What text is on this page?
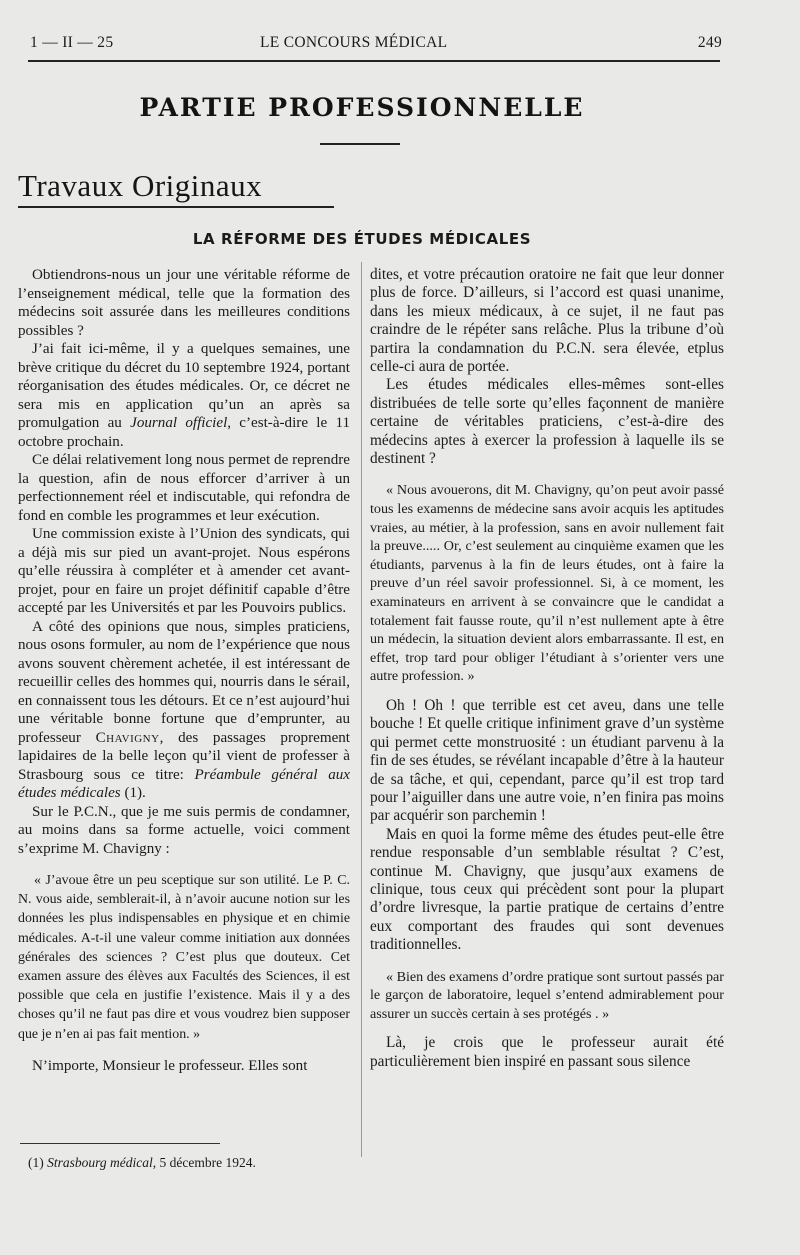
1 — II — 25	LE CONCOURS MÉDICAL	249
PARTIE PROFESSIONNELLE
Travaux Originaux
LA RÉFORME DES ÉTUDES MÉDICALES

Obtiendrons-nous un jour une véritable réforme de l’enseignement médical, telle que la formation des médecins soit assurée dans les meilleures conditions possibles ?

J’ai fait ici-même, il y a quelques semaines, une brève critique du décret du 10 septembre 1924, portant réorganisation des études médicales. Or, ce décret ne sera mis en application qu’un an après sa promulgation au Journal officiel, c’est-à-dire le 11 octobre prochain.

Ce délai relativement long nous permet de reprendre la question, afin de nous efforcer d’arriver à un perfectionnement réel et indiscutable, qui refondra de fond en comble les programmes et leur exécution.

Une commission existe à l’Union des syndicats, qui a déjà mis sur pied un avant-projet. Nous espérons qu’elle réussira à compléter et à amender cet avant-projet, pour en faire un projet définitif capable d’être accepté par les Universités et par les Pouvoirs publics.

A côté des opinions que nous, simples praticiens, nous osons formuler, au nom de l’expérience que nous avons souvent chèrement achetée, il est intéressant de recueillir celles des hommes qui, nourris dans le sérail, en connaissent tous les détours. Et ce n’est aujourd’hui une véritable bonne fortune que d’emprunter, au professeur Chavigny, des passages proprement lapidaires de la belle leçon qu’il vient de professer à Strasbourg sous ce titre: Préambule général aux études médicales (1).

Sur le P.C.N., que je me suis permis de condamner, au moins dans sa forme actuelle, voici comment s’exprime M. Chavigny :

« J’avoue être un peu sceptique sur son utilité. Le P. C. N. vous aide, semblerait-il, à n’avoir aucune notion sur les données les plus indispensables en physique et en chimie médicales. A-t-il une valeur comme initiation aux données générales des sciences ? C’est plus que douteux. Cet examen assure des élèves aux Facultés des Sciences, il est possible que cela en justifie l’existence. Mais il y a des choses qu’il ne faut pas dire et vous voudrez bien supposer que je n’en ai pas fait mention. »

N’importe, Monsieur le professeur. Elles sont

dites, et votre précaution oratoire ne fait que leur donner plus de force. D’ailleurs, si l’accord est quasi unanime, dans les mieux médicaux, à ce sujet, il ne faut pas craindre de le répéter sans relâche. Plus la tribune d’où partira la condamnation du P.C.N. sera élevée, etplus celle-ci aura de portée.

Les études médicales elles-mêmes sont-elles distribuées de telle sorte qu’elles façonnent de manière certaine de véritables praticiens, c’est-à-dire des médecins aptes à exercer la profession à laquelle ils se destinent ?

« Nous avouerons, dit M. Chavigny, qu’on peut avoir passé tous les examenns de médecine sans avoir acquis les aptitudes vraies, au métier, à la profession, sans en avoir nullement fait la preuve..... Or, c’est seulement au cinquième examen que les étudiants, parvenus à la fin de leurs études, ont à faire la preuve d’un réel savoir professionnel. Si, à ce moment, les examinateurs en arrivent à se convaincre que le candidat a totalement fait fausse route, qu’il n’est nullement apte à être un médecin, la situation devient alors embarrassante. Il est, en effet, trop tard pour obliger l’étudiant à s’orienter vers une autre profession. »

Oh ! Oh ! que terrible est cet aveu, dans une telle bouche ! Et quelle critique infiniment grave d’un système qui permet cette monstruosité : un étudiant parvenu à la fin de ses études, se révélant incapable d’être à la hauteur de sa tâche, et qui, cependant, parce qu’il est trop tard pour l’aiguiller dans une autre voie, n’en finira pas moins par acquérir son parchemin !

Mais en quoi la forme même des études peut-elle être rendue responsable d’un semblable résultat ? C’est, continue M. Chavigny, que jusqu’aux examens de clinique, tous ceux qui précèdent sont pour la plupart d’ordre livresque, la partie pratique de certains d’entre eux comportant des fraudes qui sont devenues traditionnelles.

« Bien des examens d’ordre pratique sont surtout passés par le garçon de laboratoire, lequel s’entend admirablement pour assurer un succès certain à ses protégés . »

Là, je crois que le professeur aurait été particulièrement bien inspiré en passant sous silence

(1) Strasbourg médical, 5 décembre 1924.
